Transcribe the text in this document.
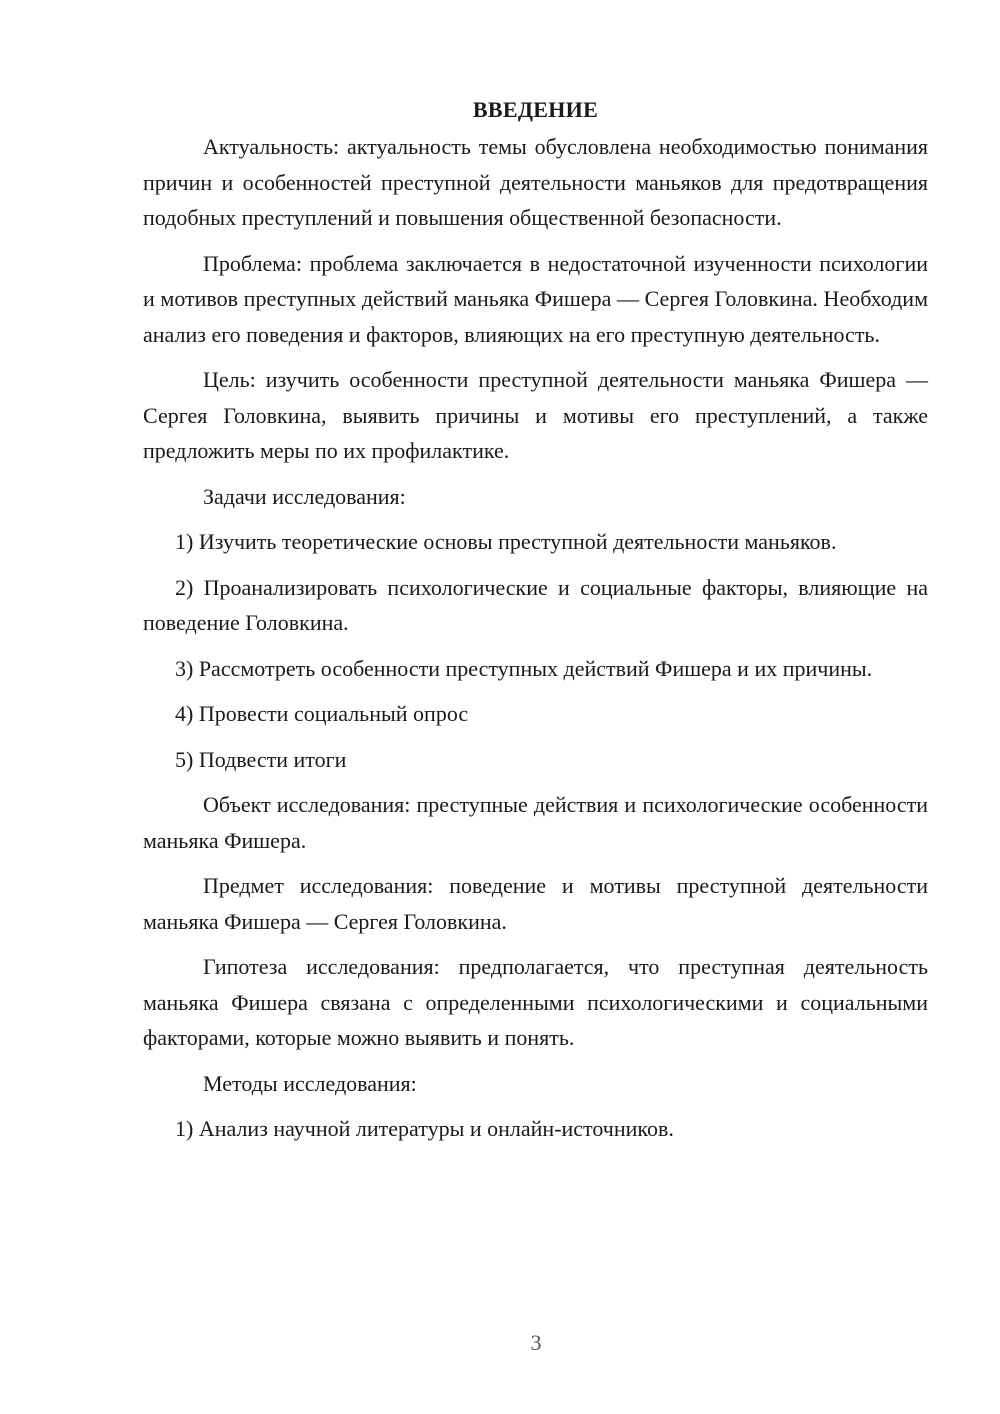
ВВЕДЕНИЕ

Актуальность: актуальность темы обусловлена необходимостью понимания причин и особенностей преступной деятельности маньяков для предотвращения подобных преступлений и повышения общественной безопасности.

Проблема: проблема заключается в недостаточной изученности психологии и мотивов преступных действий маньяка Фишера — Сергея Головкина. Необходим анализ его поведения и факторов, влияющих на его преступную деятельность.

Цель: изучить особенности преступной деятельности маньяка Фишера — Сергея Головкина, выявить причины и мотивы его преступлений, а также предложить меры по их профилактике.

Задачи исследования:

1) Изучить теоретические основы преступной деятельности маньяков.

2) Проанализировать психологические и социальные факторы, влияющие на поведение Головкина.

3) Рассмотреть особенности преступных действий Фишера и их причины.

4) Провести социальный опрос

5) Подвести итоги

Объект исследования: преступные действия и психологические особенности маньяка Фишера.

Предмет исследования: поведение и мотивы преступной деятельности маньяка Фишера — Сергея Головкина.

Гипотеза исследования: предполагается, что преступная деятельность маньяка Фишера связана с определенными психологическими и социальными факторами, которые можно выявить и понять.

Методы исследования:

1) Анализ научной литературы и онлайн-источников.

3
